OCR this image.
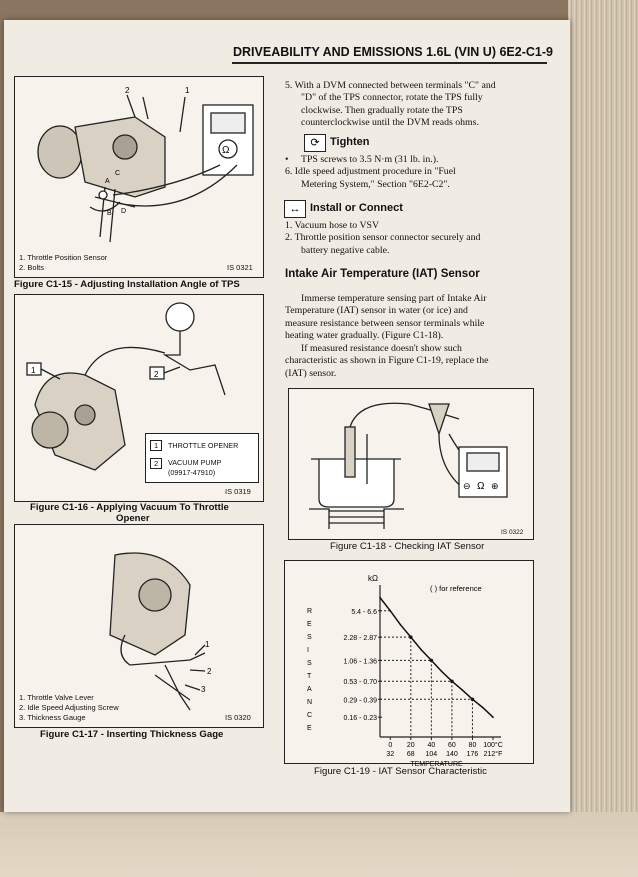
DRIVEABILITY AND EMISSIONS 1.6L (VIN U) 6E2-C1-9
Ω
2	1
A
C
B D
1. Throttle Position Sensor
2. Bolts	IS 0321
Figure C1-15 - Adjusting Installation Angle of TPS
1	2
1	THROTTLE OPENER
2	VACUUM PUMP
(09917-47910)
IS 0319
Figure C1-16 - Applying Vacuum To Throttle
Opener
1
2
3
1. Throttle Valve Lever
2. Idle Speed Adjusting Screw
3. Thickness Gauge	IS 0320
Figure C1-17 - Inserting Thickness Gage
5. With a DVM connected between terminals "C" and
"D" of the TPS connector, rotate the TPS fully
clockwise. Then gradually rotate the TPS
counterclockwise until the DVM reads ohms.
⟳ Tighten
• TPS screws to 3.5 N·m (31 lb. in.).
6. Idle speed adjustment procedure in "Fuel
Metering System," Section "6E2-C2".
↔ Install or Connect
1. Vacuum hose to VSV
2. Throttle position sensor connector securely and
battery negative cable.
Intake Air Temperature (IAT) Sensor
Immerse temperature sensing part of Intake Air
Temperature (IAT) sensor in water (or ice) and
measure resistance between sensor terminals while
heating water gradually. (Figure C1-18).
If measured resistance doesn't show such
characteristic as shown in Figure C1-19, replace the
(IAT) sensor.
⊖ Ω ⊕
IS 0322
Figure C1-18 - Checking IAT Sensor
kΩ
( ) for reference
R
E
S
I
S
T
A
N
C
E
5.4 - 6.6
2.28 - 2.87
1.06 - 1.36
0.53 - 0.70
0.29 - 0.39
0.16 - 0.23
0
32
20
68
40
104
60
140
80
176
100°C
212°F
TEMPERATURE
Figure C1-19 - IAT Sensor Characteristic
